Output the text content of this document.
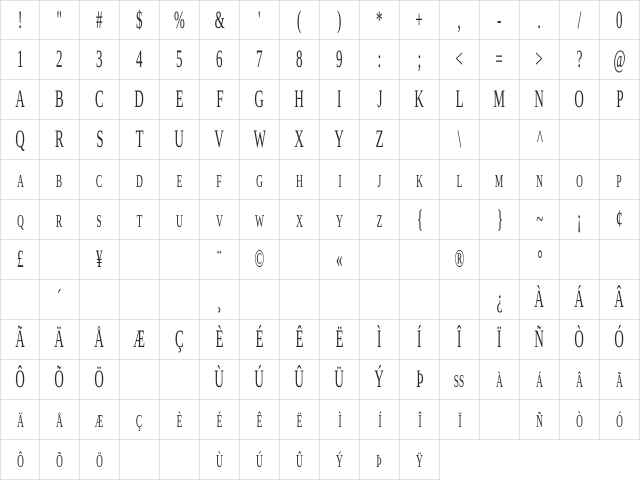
! " # $ % & ' ( ) * + , - . / 0
1 2 3 4 5 6 7 8 9 : ; < = > ? @
A B C D E F G H I J K L M N O P
Q R S T U V W X Y Z	\	^
a b c d e f g h i j k l m n o p
q r s t u v w x y z {	} ~ ¡ ¢
£	¥	¨ ©	«	®	°
´	¸	¿ À Á Â
Ã Ä Å Æ Ç È É Ê Ë Ì Í Î Ï Ñ Ò Ó
Ô Õ Ö	Ù Ú Û Ü Ý Þ ß à á â ã
ä å æ ç è é ê ë ì í î ï	ñ ò ó
ô õ ö	ù ú û ý þ ÿ
